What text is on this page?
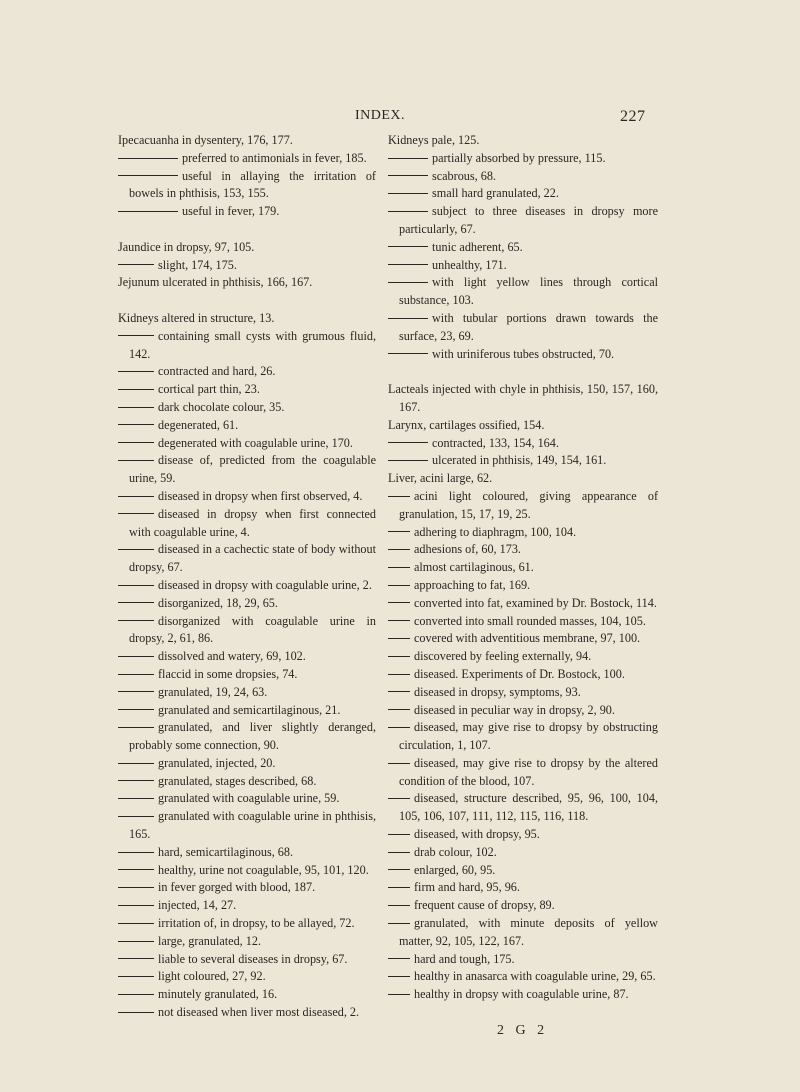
INDEX.	227
Ipecacuanha in dysentery, 176, 177.
preferred to antimonials in fever, 185.
useful in allaying the irritation of bowels in phthisis, 153, 155.
useful in fever, 179.
Jaundice in dropsy, 97, 105.
slight, 174, 175.
Jejunum ulcerated in phthisis, 166, 167.
Kidneys altered in structure, 13.
containing small cysts with grumous fluid, 142.
contracted and hard, 26.
cortical part thin, 23.
dark chocolate colour, 35.
degenerated, 61.
degenerated with coagulable urine, 170.
disease of, predicted from the coagulable urine, 59.
diseased in dropsy when first observed, 4.
diseased in dropsy when first connected with coagulable urine, 4.
diseased in a cachectic state of body without dropsy, 67.
diseased in dropsy with coagulable urine, 2.
disorganized, 18, 29, 65.
disorganized with coagulable urine in dropsy, 2, 61, 86.
dissolved and watery, 69, 102.
flaccid in some dropsies, 74.
granulated, 19, 24, 63.
granulated and semicartilaginous, 21.
granulated, and liver slightly deranged, probably some connection, 90.
granulated, injected, 20.
granulated, stages described, 68.
granulated with coagulable urine, 59.
granulated with coagulable urine in phthisis, 165.
hard, semicartilaginous, 68.
healthy, urine not coagulable, 95, 101, 120.
in fever gorged with blood, 187.
injected, 14, 27.
irritation of, in dropsy, to be allayed, 72.
large, granulated, 12.
liable to several diseases in dropsy, 67.
light coloured, 27, 92.
minutely granulated, 16.
not diseased when liver most diseased, 2.
Kidneys pale, 125.
partially absorbed by pressure, 115.
scabrous, 68.
small hard granulated, 22.
subject to three diseases in dropsy more particularly, 67.
tunic adherent, 65.
unhealthy, 171.
with light yellow lines through cortical substance, 103.
with tubular portions drawn towards the surface, 23, 69.
with uriniferous tubes obstructed, 70.
Lacteals injected with chyle in phthisis, 150, 157, 160, 167.
Larynx, cartilages ossified, 154.
contracted, 133, 154, 164.
ulcerated in phthisis, 149, 154, 161.
Liver, acini large, 62.
acini light coloured, giving appearance of granulation, 15, 17, 19, 25.
adhering to diaphragm, 100, 104.
adhesions of, 60, 173.
almost cartilaginous, 61.
approaching to fat, 169.
converted into fat, examined by Dr. Bostock, 114.
converted into small rounded masses, 104, 105.
covered with adventitious membrane, 97, 100.
discovered by feeling externally, 94.
diseased. Experiments of Dr. Bostock, 100.
diseased in dropsy, symptoms, 93.
diseased in peculiar way in dropsy, 2, 90.
diseased, may give rise to dropsy by obstructing circulation, 1, 107.
diseased, may give rise to dropsy by the altered condition of the blood, 107.
diseased, structure described, 95, 96, 100, 104, 105, 106, 107, 111, 112, 115, 116, 118.
diseased, with dropsy, 95.
drab colour, 102.
enlarged, 60, 95.
firm and hard, 95, 96.
frequent cause of dropsy, 89.
granulated, with minute deposits of yellow matter, 92, 105, 122, 167.
hard and tough, 175.
healthy in anasarca with coagulable urine, 29, 65.
healthy in dropsy with coagulable urine, 87.
2 G 2
